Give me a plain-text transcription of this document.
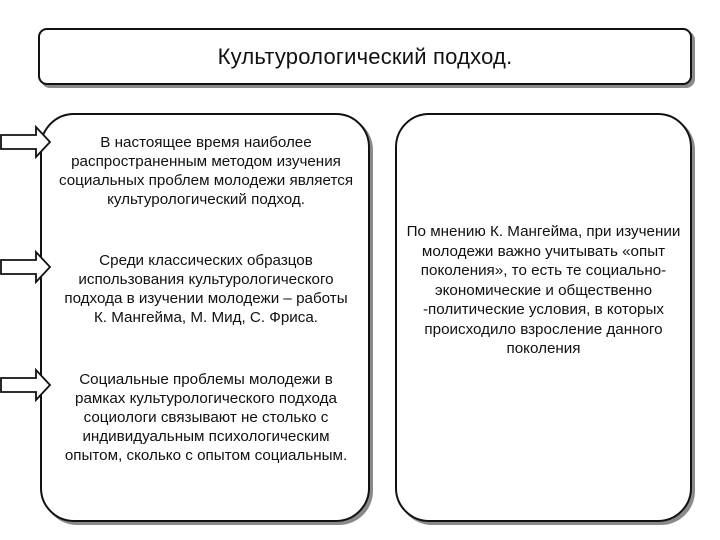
Культурологический подход.
В настоящее время наиболее распространенным методом изучения социальных проблем молодежи является культурологический подход.
Среди классических образцов использования культурологического подхода в изучении молодежи – работы К. Мангейма, М. Мид, С. Фриса.
Социальные проблемы молодежи в рамках культурологического подхода социологи связывают не столько с индивидуальным психологическим опытом, сколько с опытом социальным.
По мнению К. Мангейма, при изучении молодежи важно учитывать «опыт поколения», то есть те социально-экономические и общественно -политические условия, в которых происходило взросление данного поколения
